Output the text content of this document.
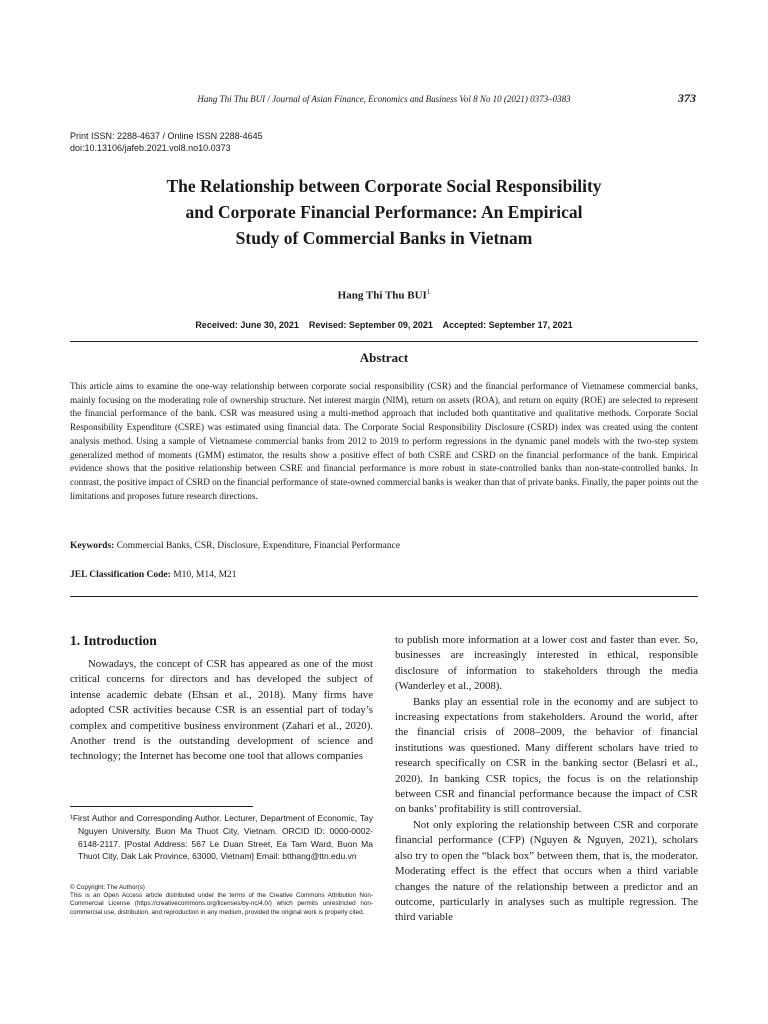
Hang Thi Thu BUI / Journal of Asian Finance, Economics and Business Vol 8 No 10 (2021) 0373–0383	373
Print ISSN: 2288-4637 / Online ISSN 2288-4645
doi:10.13106/jafeb.2021.vol8.no10.0373
The Relationship between Corporate Social Responsibility
and Corporate Financial Performance: An Empirical
Study of Commercial Banks in Vietnam
Hang Thi Thu BUI$^1$
Received: June 30, 2021    Revised: September 09, 2021    Accepted: September 17, 2021
Abstract
This article aims to examine the one-way relationship between corporate social responsibility (CSR) and the financial performance of Vietnamese commercial banks, mainly focusing on the moderating role of ownership structure. Net interest margin (NIM), return on assets (ROA), and return on equity (ROE) are selected to represent the financial performance of the bank. CSR was measured using a multi-method approach that included both quantitative and qualitative methods. Corporate Social Responsibility Expenditure (CSRE) was estimated using financial data. The Corporate Social Responsibility Disclosure (CSRD) index was created using the content analysis method. Using a sample of Vietnamese commercial banks from 2012 to 2019 to perform regressions in the dynamic panel models with the two-step system generalized method of moments (GMM) estimator, the results show a positive effect of both CSRE and CSRD on the financial performance of the bank. Empirical evidence shows that the positive relationship between CSRE and financial performance is more robust in state-controlled banks than non-state-controlled banks. In contrast, the positive impact of CSRD on the financial performance of state-owned commercial banks is weaker than that of private banks. Finally, the paper points out the limitations and proposes future research directions.
Keywords: Commercial Banks, CSR, Disclosure, Expenditure, Financial Performance
JEL Classification Code: M10, M14, M21
1. Introduction

Nowadays, the concept of CSR has appeared as one of the most critical concerns for directors and has developed the subject of intense academic debate (Ehsan et al., 2018). Many firms have adopted CSR activities because CSR is an essential part of today’s complex and competitive business environment (Zahari et al., 2020). Another trend is the outstanding development of science and technology; the Internet has become one tool that allows companies

to publish more information at a lower cost and faster than ever. So, businesses are increasingly interested in ethical, responsible disclosure of information to stakeholders through the media (Wanderley et al., 2008).

Banks play an essential role in the economy and are subject to increasing expectations from stakeholders. Around the world, after the financial crisis of 2008–2009, the behavior of financial institutions was questioned. Many different scholars have tried to research specifically on CSR in the banking sector (Belasri et al., 2020). In banking CSR topics, the focus is on the relationship between CSR and financial performance because the impact of CSR on banks’ profitability is still controversial.

Not only exploring the relationship between CSR and corporate financial performance (CFP) (Nguyen & Nguyen, 2021), scholars also try to open the “black box” between them, that is, the moderator. Moderating effect is the effect that occurs when a third variable changes the nature of the relationship between a predictor and an outcome, particularly in analyses such as multiple regression. The third variable

¹First Author and Corresponding Author. Lecturer, Department of Economic, Tay Nguyen University, Buon Ma Thuot City, Vietnam. ORCID ID: 0000-0002-6148-2117. [Postal Address: 567 Le Duan Street, Ea Tam Ward, Buon Ma Thuot City, Dak Lak Province, 63000, Vietnam] Email: btthang@ttn.edu.vn
© Copyright: The Author(s)
This is an Open Access article distributed under the terms of the Creative Commons Attribution Non-Commercial License (https://creativecommons.org/licenses/by-nc/4.0/) which permits unrestricted non-commercial use, distribution, and reproduction in any medium, provided the original work is properly cited.
